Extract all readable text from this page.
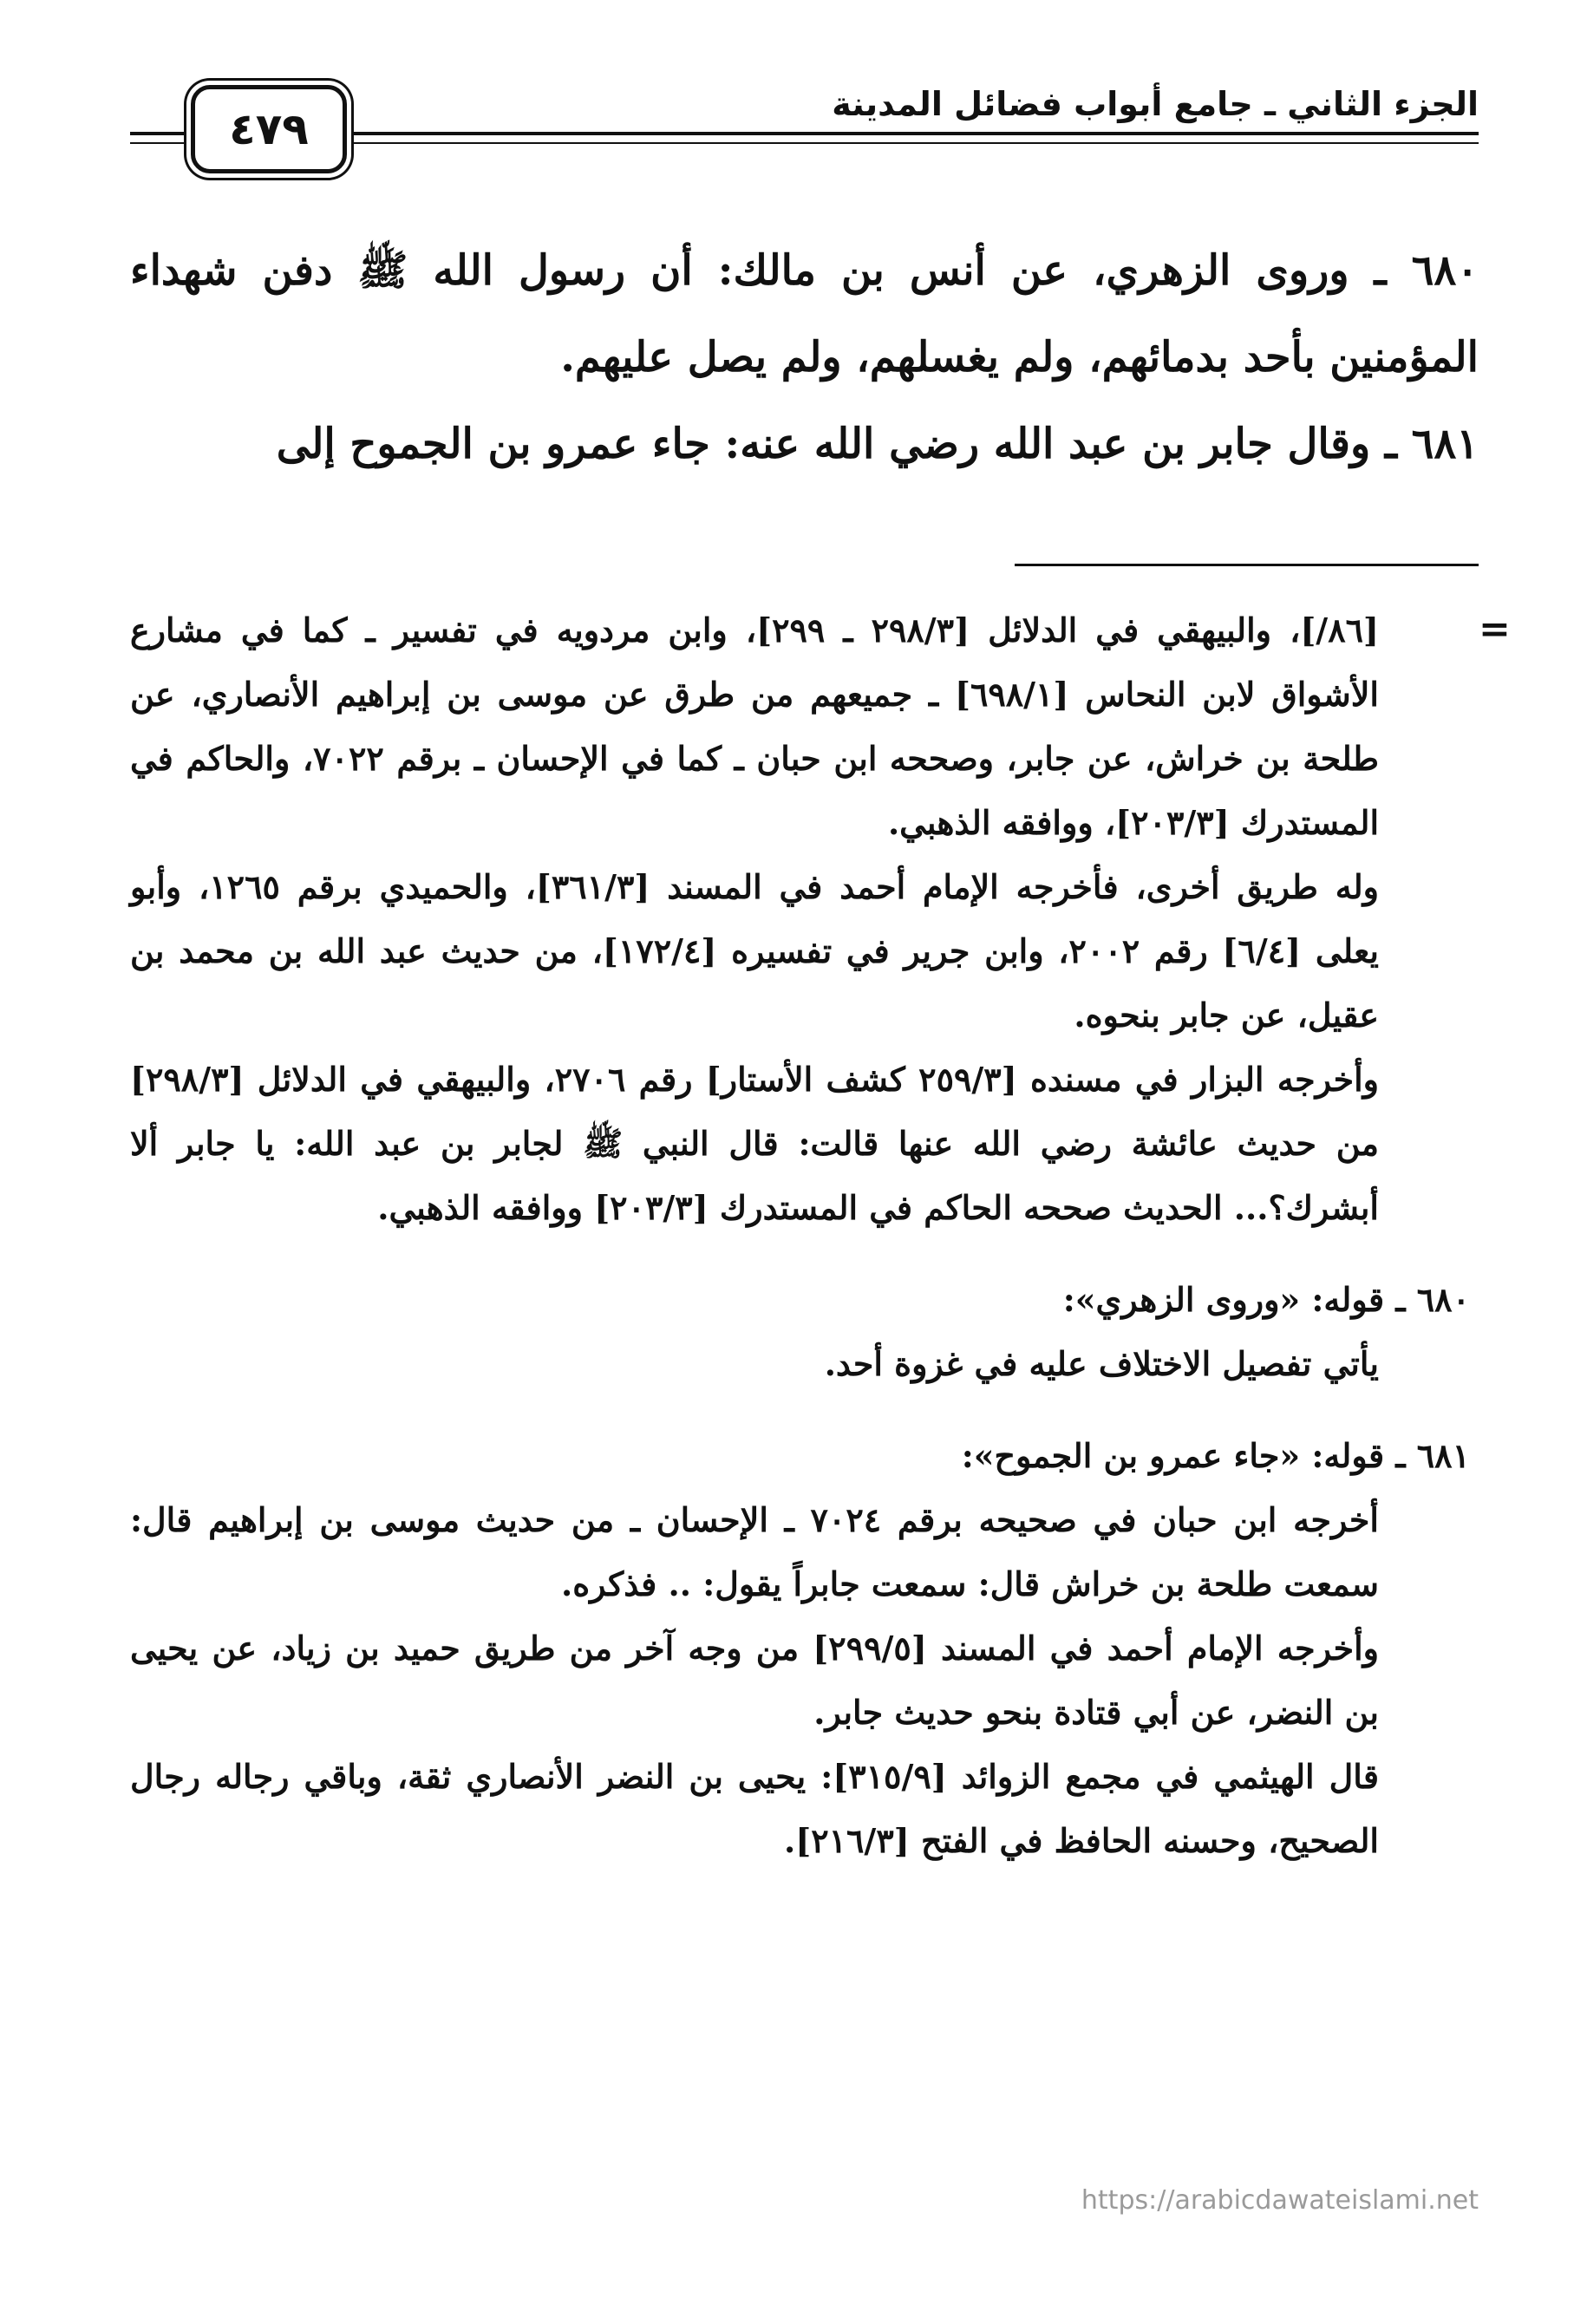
الجزء الثاني ـ جامع أبواب فضائل المدينة
٤٧٩

٦٨٠ ـ وروى الزهري، عن أنس بن مالك: أن رسول الله ﷺ دفن شهداء المؤمنين بأحد بدمائهم، ولم يغسلهم، ولم يصل عليهم.

٦٨١ ـ وقال جابر بن عبد الله رضي الله عنه: جاء عمرو بن الجموح إلى

=

[٨٦/]، والبيهقي في الدلائل [٢٩٨/٣ ـ ٢٩٩]، وابن مردويه في تفسير ـ كما في مشارع الأشواق لابن النحاس [٦٩٨/١] ـ جميعهم من طرق عن موسى بن إبراهيم الأنصاري، عن طلحة بن خراش، عن جابر، وصححه ابن حبان ـ كما في الإحسان ـ برقم ٧٠٢٢، والحاكم في المستدرك [٢٠٣/٣]، ووافقه الذهبي.

وله طريق أخرى، فأخرجه الإمام أحمد في المسند [٣٦١/٣]، والحميدي برقم ١٢٦٥، وأبو يعلى [٦/٤] رقم ٢٠٠٢، وابن جرير في تفسيره [١٧٢/٤]، من حديث عبد الله بن محمد بن عقيل، عن جابر بنحوه.

وأخرجه البزار في مسنده [٢٥٩/٣ كشف الأستار] رقم ٢٧٠٦، والبيهقي في الدلائل [٢٩٨/٣] من حديث عائشة رضي الله عنها قالت: قال النبي ﷺ لجابر بن عبد الله: يا جابر ألا أبشرك؟... الحديث صححه الحاكم في المستدرك [٢٠٣/٣] ووافقه الذهبي.

٦٨٠ ـ قوله: «وروى الزهري»:

يأتي تفصيل الاختلاف عليه في غزوة أحد.

٦٨١ ـ قوله: «جاء عمرو بن الجموح»:

أخرجه ابن حبان في صحيحه برقم ٧٠٢٤ ـ الإحسان ـ من حديث موسى بن إبراهيم قال: سمعت طلحة بن خراش قال: سمعت جابراً يقول: .. فذكره.

وأخرجه الإمام أحمد في المسند [٢٩٩/٥] من وجه آخر من طريق حميد بن زياد، عن يحيى بن النضر، عن أبي قتادة بنحو حديث جابر.

قال الهيثمي في مجمع الزوائد [٣١٥/٩]: يحيى بن النضر الأنصاري ثقة، وباقي رجاله رجال الصحيح، وحسنه الحافظ في الفتح [٢١٦/٣].

https://arabicdawateislami.net
